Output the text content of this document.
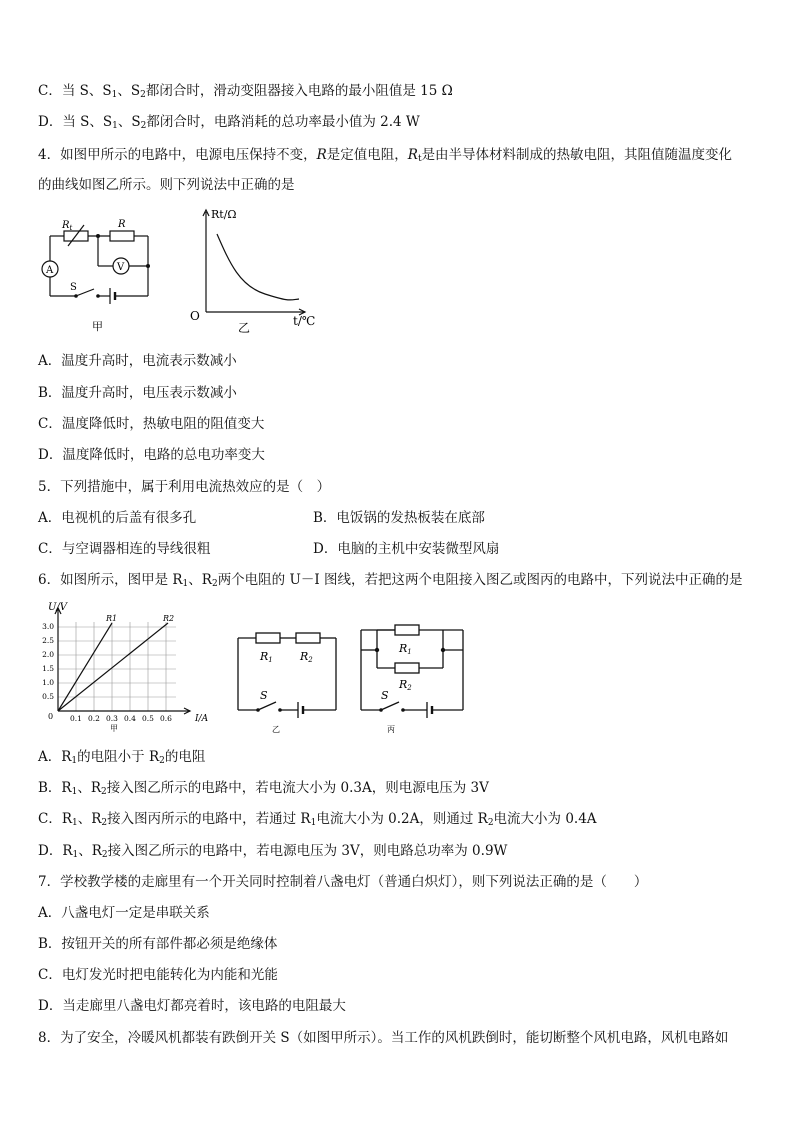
C．当 S、$S_1$、$S_2$都闭合时，滑动变阻器接入电路的最小阻值是 15 Ω
D．当 S、$S_1$、$S_2$都闭合时，电路消耗的总功率最小值为 2.4 W
4．如图甲所示的电路中，电源电压保持不变，R是定值电阻，$R_t$是由半导体材料制成的热敏电阻，其阻值随温度变化
的曲线如图乙所示。则下列说法中正确的是
$R_t$	R
A	V
S
甲
Rt/Ω
O	t/℃
乙
A．温度升高时，电流表示数减小
B．温度升高时，电压表示数减小
C．温度降低时，热敏电阻的阻值变大
D．温度降低时，电路的总电功率变大
5．下列措施中，属于利用电流热效应的是（　）
A．电视机的后盖有很多孔	B．电饭锅的发热板装在底部
C．与空调器相连的导线很粗	D．电脑的主机中安装微型风扇
6．如图所示，图甲是 $R_1$、$R_2$两个电阻的 U－I 图线，若把这两个电阻接入图乙或图丙的电路中，下列说法中正确的是
U/V
3.0
2.5
2.0
1.5
1.0
0.5
0 0.1 0.2 0.3 0.4 0.5 0.6	I/A
R1	R2
甲
R1 R2
S
乙
R1
R2
S
丙
A．$R_1$的电阻小于 $R_2$的电阻
B．$R_1$、$R_2$接入图乙所示的电路中，若电流大小为 0.3A，则电源电压为 3V
C．$R_1$、$R_2$接入图丙所示的电路中，若通过 $R_1$电流大小为 0.2A，则通过 $R_2$电流大小为 0.4A
D．$R_1$、$R_2$接入图乙所示的电路中，若电源电压为 3V，则电路总功率为 0.9W
7．学校教学楼的走廊里有一个开关同时控制着八盏电灯（普通白炽灯），则下列说法正确的是（　　）
A．八盏电灯一定是串联关系
B．按钮开关的所有部件都必须是绝缘体
C．电灯发光时把电能转化为内能和光能
D．当走廊里八盏电灯都亮着时，该电路的电阻最大
8．为了安全，冷暖风机都装有跌倒开关 S（如图甲所示）。当工作的风机跌倒时，能切断整个风机电路，风机电路如
